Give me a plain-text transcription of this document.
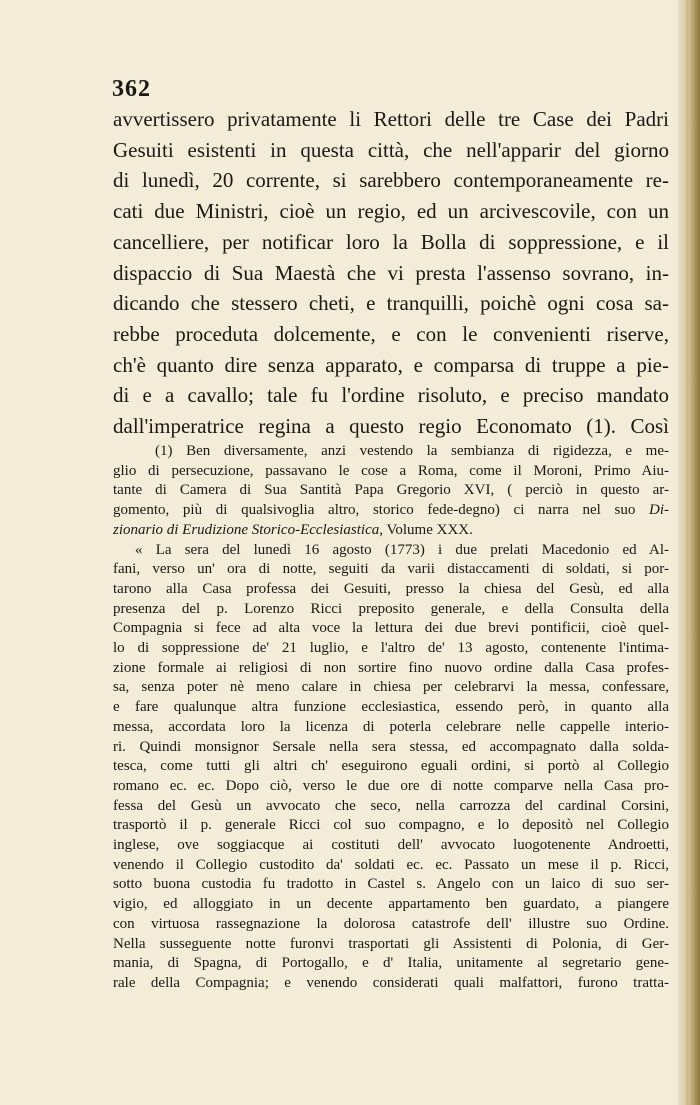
362
avvertissero privatamente li Rettori delle tre Case dei Padri
Gesuiti esistenti in questa città, che nell'apparir del giorno
di lunedì, 20 corrente, si sarebbero contemporaneamente re-
cati due Ministri, cioè un regio, ed un arcivescovile, con un
cancelliere, per notificar loro la Bolla di soppressione, e il
dispaccio di Sua Maestà che vi presta l'assenso sovrano, in-
dicando che stessero cheti, e tranquilli, poichè ogni cosa sa-
rebbe proceduta dolcemente, e con le convenienti riserve,
ch'è quanto dire senza apparato, e comparsa di truppe a pie-
di e a cavallo; tale fu l'ordine risoluto, e preciso mandato
dall'imperatrice regina a questo regio Economato (1). Così
(1) Ben diversamente, anzi vestendo la sembianza di rigidezza, e me-
glio di persecuzione, passavano le cose a Roma, come il Moroni, Primo Aiu-
tante di Camera di Sua Santità Papa Gregorio XVI, ( perciò in questo ar-
gomento, più di qualsivoglia altro, storico fede-degno) ci narra nel suo Di-
zionario di Erudizione Storico-Ecclesiastica, Volume XXX.
« La sera del lunedì 16 agosto (1773) i due prelati Macedonio ed Al-
fani, verso un' ora di notte, seguiti da varii distaccamenti di soldati, si por-
tarono alla Casa professa dei Gesuiti, presso la chiesa del Gesù, ed alla
presenza del p. Lorenzo Ricci preposito generale, e della Consulta della
Compagnia si fece ad alta voce la lettura dei due brevi pontificii, cioè quel-
lo di soppressione de' 21 luglio, e l'altro de' 13 agosto, contenente l'intima-
zione formale ai religiosi di non sortire fino nuovo ordine dalla Casa profes-
sa, senza poter nè meno calare in chiesa per celebrarvi la messa, confessare,
e fare qualunque altra funzione ecclesiastica, essendo però, in quanto alla
messa, accordata loro la licenza di poterla celebrare nelle cappelle interio-
ri. Quindi monsignor Sersale nella sera stessa, ed accompagnato dalla solda-
tesca, come tutti gli altri ch' eseguirono eguali ordini, si portò al Collegio
romano ec. ec. Dopo ciò, verso le due ore di notte comparve nella Casa pro-
fessa del Gesù un avvocato che seco, nella carrozza del cardinal Corsini,
trasportò il p. generale Ricci col suo compagno, e lo depositò nel Collegio
inglese, ove soggiacque ai costituti dell' avvocato luogotenente Androetti,
venendo il Collegio custodito da' soldati ec. ec. Passato un mese il p. Ricci,
sotto buona custodia fu tradotto in Castel s. Angelo con un laico di suo ser-
vigio, ed alloggiato in un decente appartamento ben guardato, a piangere
con virtuosa rassegnazione la dolorosa catastrofe dell' illustre suo Ordine.
Nella susseguente notte furonvi trasportati gli Assistenti di Polonia, di Ger-
mania, di Spagna, di Portogallo, e d' Italia, unitamente al segretario gene-
rale della Compagnia; e venendo considerati quali malfattori, furono tratta-
